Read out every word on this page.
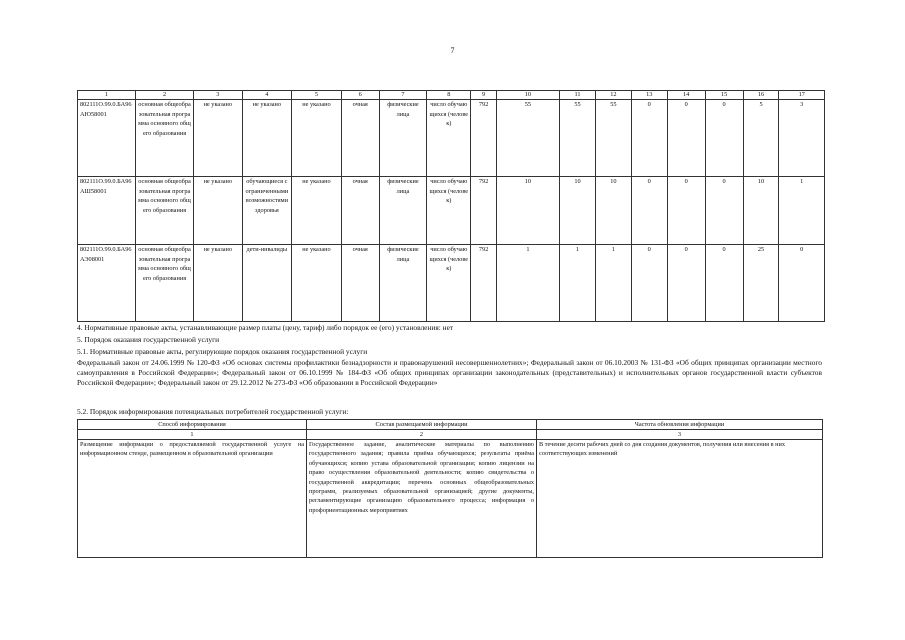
7
1	2	3	4	5	6	7	8	9	10	11	12	13	14	15	16	17
802111О.99.0.БА96АЮ58001	основная общеобразовательная программа основного общего образования	не указано	не указано	не указано	очная	физические лица	число обучающихся (человек)	792	55	55	55	0	0	0	5	3
802111О.99.0.БА96АШ58001	основная общеобразовательная программа основного общего образования	не указано	обучающиеся с ограниченными возможностями здоровья	не указано	очная	физические лица	число обучающихся (человек)	792	10	10	10	0	0	0	10	1
802111О.99.0.БА96АЭ08001	основная общеобразовательная программа основного общего образования	не указано	дети-инвалиды	не указано	очная	физические лица	число обучающихся (человек)	792	1	1	1	0	0	0	25	0
4. Нормативные правовые акты, устанавливающие размер платы (цену, тариф) либо порядок ее (его) установления: нет
5. Порядок оказания государственной услуги
5.1. Нормативные правовые акты, регулирующие порядок оказания государственной услуги
Федеральный закон от 24.06.1999 № 120-ФЗ «Об основах системы профилактики безнадзорности и правонарушений несовершеннолетних»; Федеральный закон от 06.10.2003 № 131-ФЗ «Об общих принципах организации местного самоуправления в Российской Федерации»; Федеральный закон от 06.10.1999 № 184-ФЗ «Об общих принципах организации законодательных (представительных) и исполнительных органов государственной власти субъектов Российской Федерации»; Федеральный закон от 29.12.2012 № 273-ФЗ «Об образовании в Российской Федерации»
5.2. Порядок информирования потенциальных потребителей государственной услуги:
Способ информирования	Состав размещаемой информации	Частота обновления информации
1	2	3
Размещение информации о предоставляемой государственной услуге на информационном стенде, размещенном в образовательной организации	Государственное задание, аналитические материалы по выполнению государственного задания; правила приёма обучающихся; результаты приёма обучающихся; копию устава образовательной организации; копию лицензии на право осуществления образовательной деятельности; копию свидетельства о государственной аккредитации; перечень основных общеобразовательных программ, реализуемых образовательной организацией; другие документы, регламентирующие организацию образовательного процесса; информация о профориентационных мероприятиях	В течение десяти рабочих дней со дня создания документов, получения или внесения в них соответствующих изменений
